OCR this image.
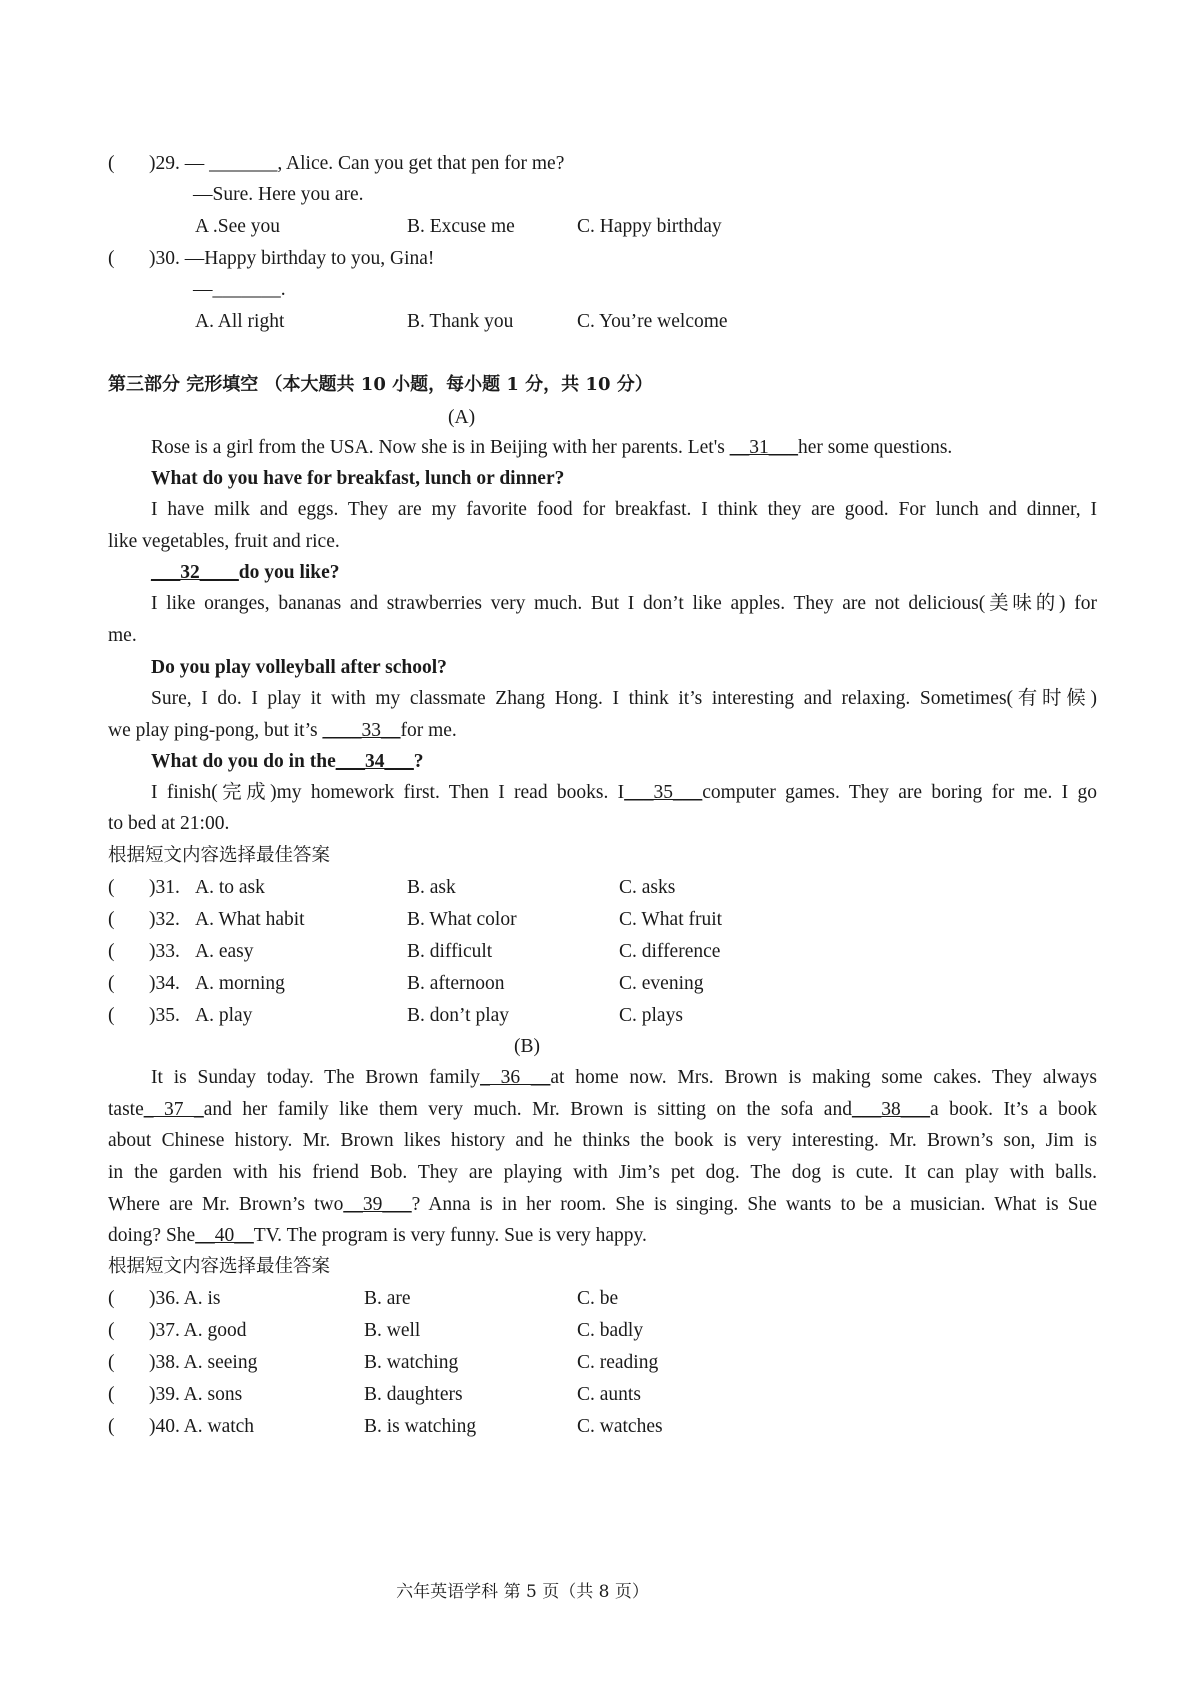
( )29. — _______, Alice. Can you get that pen for me?
—Sure. Here you are.
A .See you	B. Excuse me	C. Happy birthday
( )30. —Happy birthday to you, Gina!
—_______.
A. All right	B. Thank you	C. You’re welcome
第三部分 完形填空 （本大题共 10 小题，每小题 1 分，共 10 分）
(A)
Rose is a girl from the USA. Now she is in Beijing with her parents. Let's __31___her some questions.
What do you have for breakfast, lunch or dinner?
I have milk and eggs. They are my favorite food for breakfast. I think they are good. For lunch and dinner, I
like vegetables, fruit and rice.
___32____do you like?
I like oranges, bananas and strawberries very much. But I don’t like apples. They are not delicious(美味的) for
me.
Do you play volleyball after school?
Sure, I do. I play it with my classmate Zhang Hong. I think it’s interesting and relaxing. Sometimes(有时候)
we play ping-pong, but it’s ____33__for me.
What do you do in the___34___?
I finish(完成)my homework first. Then I read books. I___35___computer games. They are boring for me. I go
to bed at 21:00.
根据短文内容选择最佳答案
( )31. A. to ask	B. ask	C. asks
( )32. A. What habit	B. What color	C. What fruit
( )33. A. easy	B. difficult	C. difference
( )34. A. morning	B. afternoon	C. evening
( )35. A. play	B. don’t play	C. plays
(B)
It is Sunday today. The Brown family_ 36 __at home now. Mrs. Brown is making some cakes. They always
taste_ 37 _and her family like them very much. Mr. Brown is sitting on the sofa and___38___a book. It’s a book
about Chinese history. Mr. Brown likes history and he thinks the book is very interesting. Mr. Brown’s son, Jim is
in the garden with his friend Bob. They are playing with Jim’s pet dog. The dog is cute. It can play with balls.
Where are Mr. Brown’s two__39___? Anna is in her room. She is singing. She wants to be a musician. What is Sue
doing? She__40__TV. The program is very funny. Sue is very happy.
根据短文内容选择最佳答案
( )36. A. is	B. are	C. be
( )37. A. good	B. well	C. badly
( )38. A. seeing	B. watching	C. reading
( )39. A. sons	B. daughters	C. aunts
( )40. A. watch	B. is watching	C. watches
六年英语学科 第 5 页（共 8 页）
